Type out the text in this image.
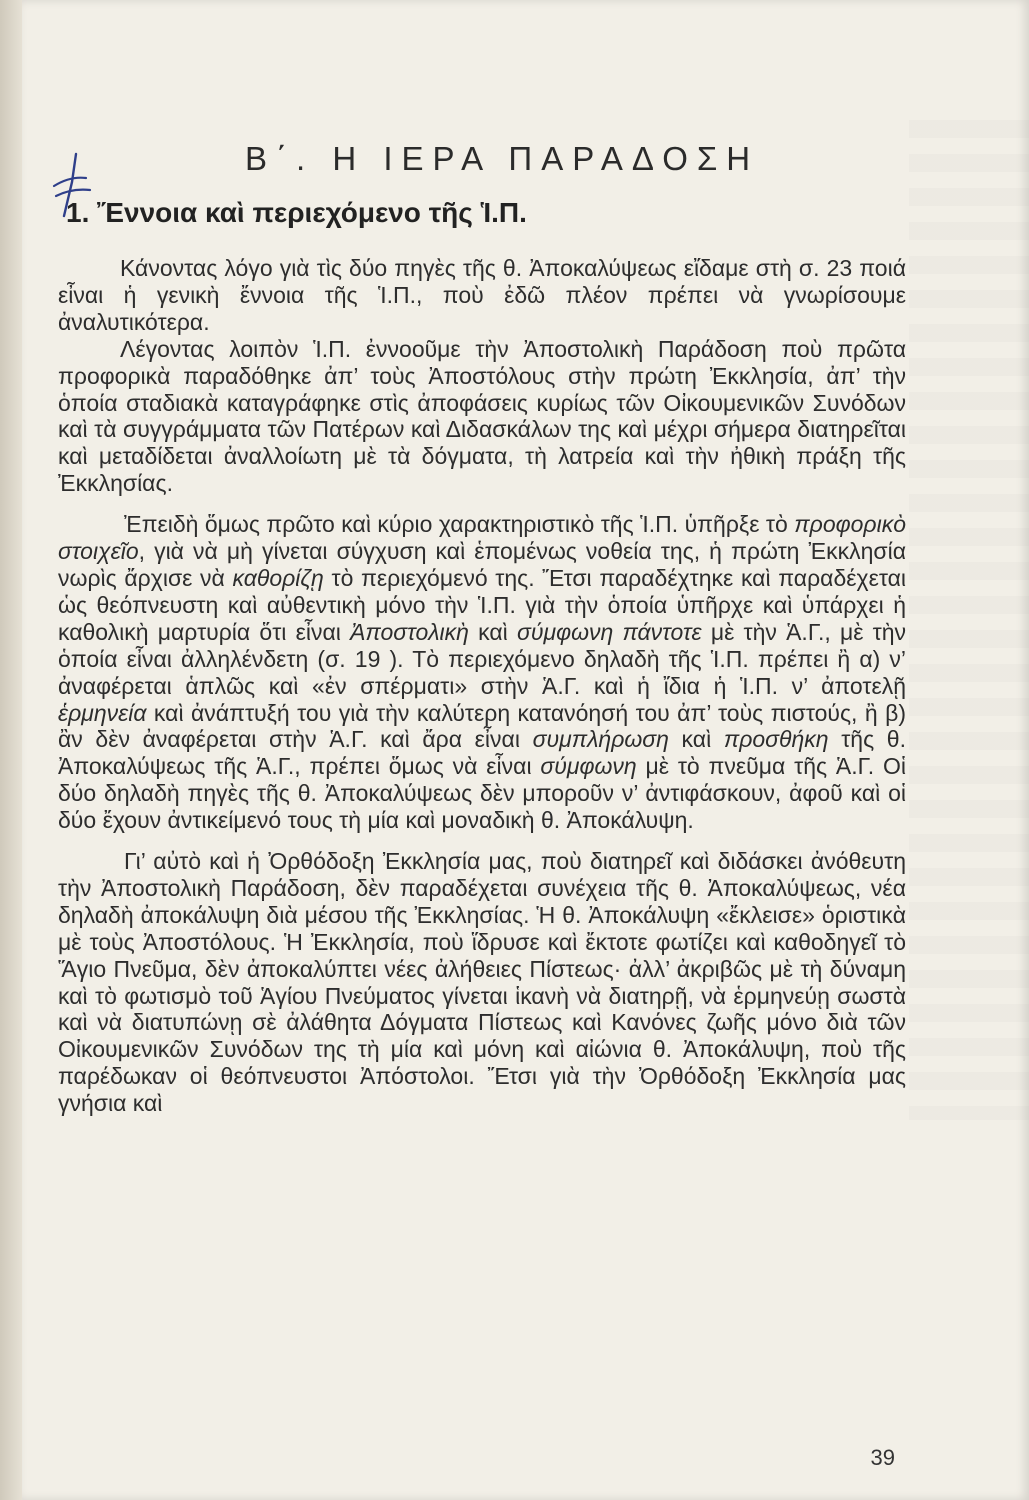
Β΄. Η ΙΕΡΑ ΠΑΡΑΔΟΣΗ
1. Ἔννοια καὶ περιεχόμενο τῆς Ἱ.Π.

Κάνοντας λόγο γιὰ τὶς δύο πηγὲς τῆς θ. Ἀποκαλύψεως εἴδαμε στὴ σ. 23 ποιά εἶναι ἡ γενικὴ ἔννοια τῆς Ἱ.Π., ποὺ ἐδῶ πλέον πρέπει νὰ γνωρίσουμε ἀναλυτικότερα.

Λέγοντας λοιπὸν Ἱ.Π. ἐννοοῦμε τὴν Ἀποστολικὴ Παράδοση ποὺ πρῶτα προφορικὰ παραδόθηκε ἀπ’ τοὺς Ἀποστόλους στὴν πρώτη Ἐκκλησία, ἀπ’ τὴν ὁποία σταδιακὰ καταγράφηκε στὶς ἀποφάσεις κυρίως τῶν Οἰκουμενικῶν Συνόδων καὶ τὰ συγγράμματα τῶν Πατέρων καὶ Διδασκάλων της καὶ μέχρι σήμερα διατηρεῖται καὶ μεταδίδεται ἀναλλοίωτη μὲ τὰ δόγματα, τὴ λατρεία καὶ τὴν ἠθικὴ πράξη τῆς Ἐκκλησίας.

Ἐπειδὴ ὅμως πρῶτο καὶ κύριο χαρακτηριστικὸ τῆς Ἱ.Π. ὑπῆρξε τὸ προφορικὸ στοιχεῖο, γιὰ νὰ μὴ γίνεται σύγχυση καὶ ἑπομένως νοθεία της, ἡ πρώτη Ἐκκλησία νωρὶς ἄρχισε νὰ καθορίζῃ τὸ περιεχόμενό της. Ἔτσι παραδέχτηκε καὶ παραδέχεται ὡς θεόπνευστη καὶ αὐθεντικὴ μόνο τὴν Ἱ.Π. γιὰ τὴν ὁποία ὑπῆρχε καὶ ὑπάρχει ἡ καθολικὴ μαρτυρία ὅτι εἶναι Ἀποστολικὴ καὶ σύμφωνη πάντοτε μὲ τὴν Ἁ.Γ., μὲ τὴν ὁποία εἶναι ἀλληλένδετη (σ. 19 ). Τὸ περιεχόμενο δηλαδὴ τῆς Ἱ.Π. πρέπει ἢ α) ν’ ἀναφέρεται ἁπλῶς καὶ «ἐν σπέρματι» στὴν Ἁ.Γ. καὶ ἡ ἴδια ἡ Ἱ.Π. ν’ ἀποτελῇ ἑρμηνεία καὶ ἀνάπτυξή του γιὰ τὴν καλύτερη κατανόησή του ἀπ’ τοὺς πιστούς, ἢ β) ἂν δὲν ἀναφέρεται στὴν Ἁ.Γ. καὶ ἄρα εἶναι συμπλήρωση καὶ προσθήκη τῆς θ. Ἀποκαλύψεως τῆς Ἁ.Γ., πρέπει ὅμως νὰ εἶναι σύμφωνη μὲ τὸ πνεῦμα τῆς Ἁ.Γ. Οἱ δύο δηλαδὴ πηγὲς τῆς θ. Ἀποκαλύψεως δὲν μποροῦν ν’ ἀντιφάσκουν, ἀφοῦ καὶ οἱ δύο ἔχουν ἀντικείμενό τους τὴ μία καὶ μοναδικὴ θ. Ἀποκάλυψη.

Γι’ αὐτὸ καὶ ἡ Ὀρθόδοξη Ἐκκλησία μας, ποὺ διατηρεῖ καὶ διδάσκει ἀνόθευτη τὴν Ἀποστολικὴ Παράδοση, δὲν παραδέχεται συνέχεια τῆς θ. Ἀποκαλύψεως, νέα δηλαδὴ ἀποκάλυψη διὰ μέσου τῆς Ἐκκλησίας. Ἡ θ. Ἀποκάλυψη «ἔκλεισε» ὁριστικὰ μὲ τοὺς Ἀποστόλους. Ἡ Ἐκκλησία, ποὺ ἵδρυσε καὶ ἔκτοτε φωτίζει καὶ καθοδηγεῖ τὸ Ἅγιο Πνεῦμα, δὲν ἀποκαλύπτει νέες ἀλήθειες Πίστεως· ἀλλ’ ἀκριβῶς μὲ τὴ δύναμη καὶ τὸ φωτισμὸ τοῦ Ἁγίου Πνεύματος γίνεται ἱκανὴ νὰ διατηρῇ, νὰ ἑρμηνεύῃ σωστὰ καὶ νὰ διατυπώνῃ σὲ ἀλάθητα Δόγματα Πίστεως καὶ Κανόνες ζωῆς μόνο διὰ τῶν Οἰκουμενικῶν Συνόδων της τὴ μία καὶ μόνη καὶ αἰώνια θ. Ἀποκάλυψη, ποὺ τῆς παρέδωκαν οἱ θεόπνευστοι Ἀπόστολοι. Ἔτσι γιὰ τὴν Ὀρθόδοξη Ἐκκλησία μας γνήσια καὶ

39
